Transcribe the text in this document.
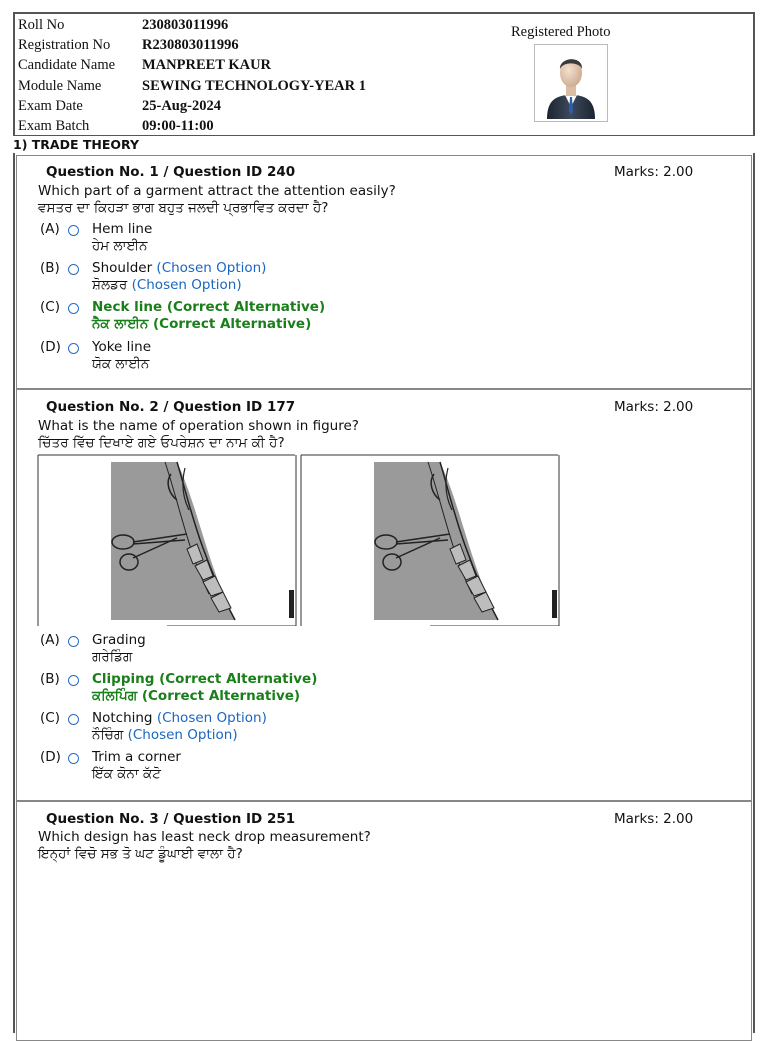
Roll No	230803011996
Registration No R230803011996
Candidate Name MANPREET KAUR
Module Name	SEWING TECHNOLOGY-YEAR 1
Exam Date	25-Aug-2024
Exam Batch	09:00-11:00
Registered Photo
1) TRADE THEORY
Question No. 1 / Question ID 240	Marks: 2.00
Which part of a garment attract the attention easily?
ਵਸਤਰ ਦਾ ਕਿਹੜਾ ਭਾਗ ਬਹੁਤ ਜਲਦੀ ਪ੍ਰਭਾਵਿਤ ਕਰਦਾ ਹੈ?
(A) Hem line
ਹੇਮ ਲਾਈਨ
(B) Shoulder (Chosen Option)
ਸ਼ੋਲਡਰ (Chosen Option)
(C) Neck line (Correct Alternative)
ਨੈਕ ਲਾਈਨ (Correct Alternative)
(D) Yoke line
ਯੋਕ ਲਾਈਨ
Question No. 2 / Question ID 177	Marks: 2.00
What is the name of operation shown in figure?
ਚਿੱਤਰ ਵਿੱਚ ਦਿਖਾਏ ਗਏ ਓਪਰੇਸ਼ਨ ਦਾ ਨਾਮ ਕੀ ਹੈ?
(A) Grading
ਗਰੇਡਿੰਗ
(B) Clipping (Correct Alternative)
ਕਲਿਪਿੰਗ (Correct Alternative)
(C) Notching (Chosen Option)
ਨੌਚਿੰਗ (Chosen Option)
(D) Trim a corner
ਇੱਕ ਕੋਨਾ ਕੱਟੋ
Question No. 3 / Question ID 251	Marks: 2.00
Which design has least neck drop measurement?
ਇਨ੍ਹਾਂ ਵਿਚੋ ਸਭ ਤੋ ਘਟ ਡੂੰਘਾਈ ਵਾਲਾ ਹੈ?
